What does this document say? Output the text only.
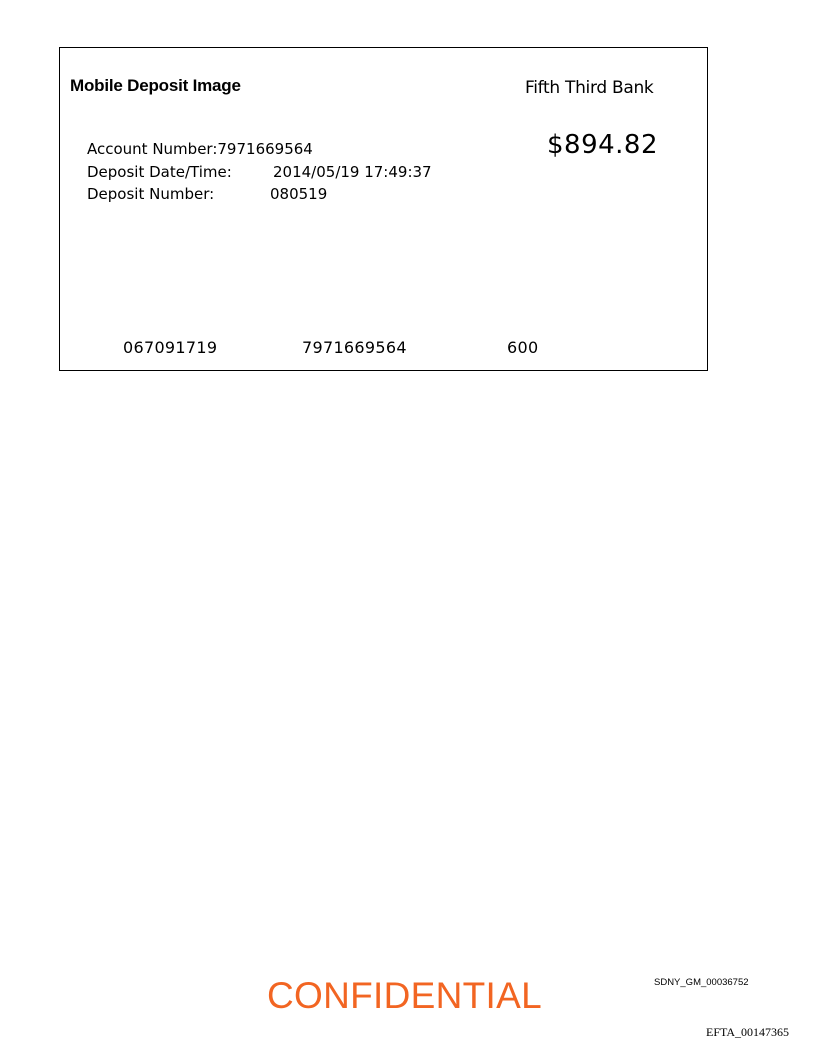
Mobile Deposit Image	Fifth Third Bank
$894.82
Account Number:7971669564
Deposit Date/Time:	2014/05/19 17:49:37
Deposit Number:	080519
067091719	7971669564	600
CONFIDENTIAL	SDNY_GM_00036752
EFTA_00147365
